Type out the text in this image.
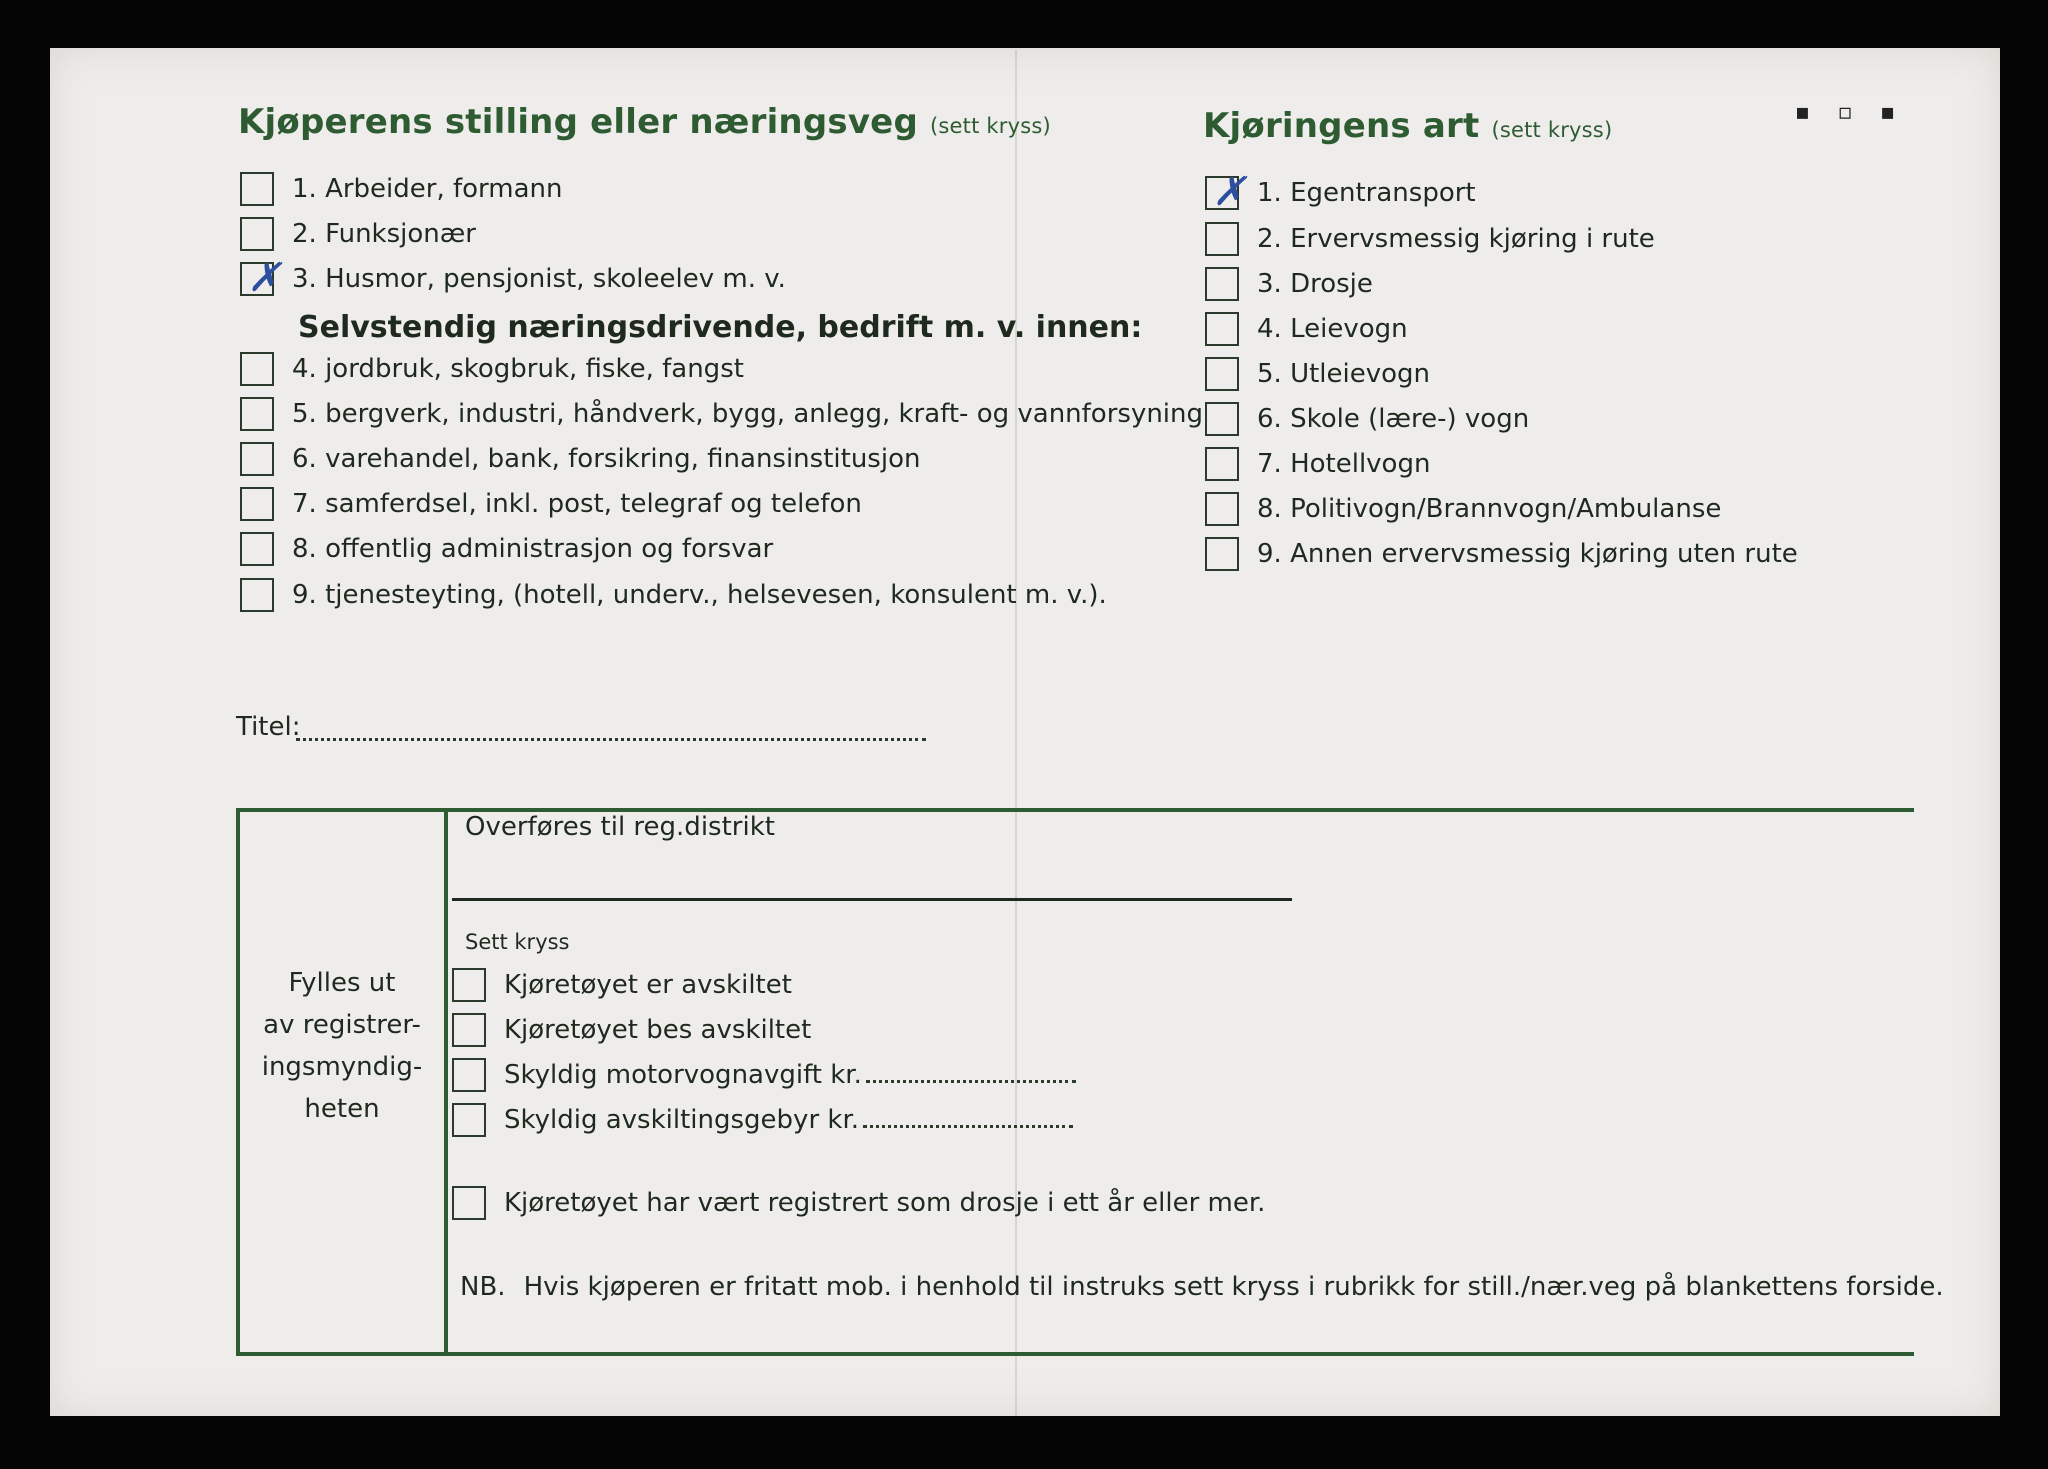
▪ ▫ ▪
Kjøperens stilling eller næringsveg (sett kryss)
1. Arbeider, formann
2. Funksjonær
✗ 3. Husmor, pensjonist, skoleelev m. v.
Selvstendig næringsdrivende, bedrift m. v. innen:
4. jordbruk, skogbruk, fiske, fangst
5. bergverk, industri, håndverk, bygg, anlegg, kraft- og vannforsyning
6. varehandel, bank, forsikring, finansinstitusjon
7. samferdsel, inkl. post, telegraf og telefon
8. offentlig administrasjon og forsvar
9. tjenesteyting, (hotell, underv., helsevesen, konsulent m. v.).
Titel:
Kjøringens art (sett kryss)
✗ 1. Egentransport
2. Ervervsmessig kjøring i rute
3. Drosje
4. Leievogn
5. Utleievogn
6. Skole (lære-) vogn
7. Hotellvogn
8. Politivogn/Brannvogn/Ambulanse
9. Annen ervervsmessig kjøring uten rute
Fylles ut
av registrer-
ingsmyndig-
heten
Overføres til reg.distrikt
Sett kryss
Kjøretøyet er avskiltet
Kjøretøyet bes avskiltet
Skyldig motorvognavgift kr.
Skyldig avskiltingsgebyr kr.
Kjøretøyet har vært registrert som drosje i ett år eller mer.
NB. Hvis kjøperen er fritatt mob. i henhold til instruks sett kryss i rubrikk for still./nær.veg på blankettens forside.
